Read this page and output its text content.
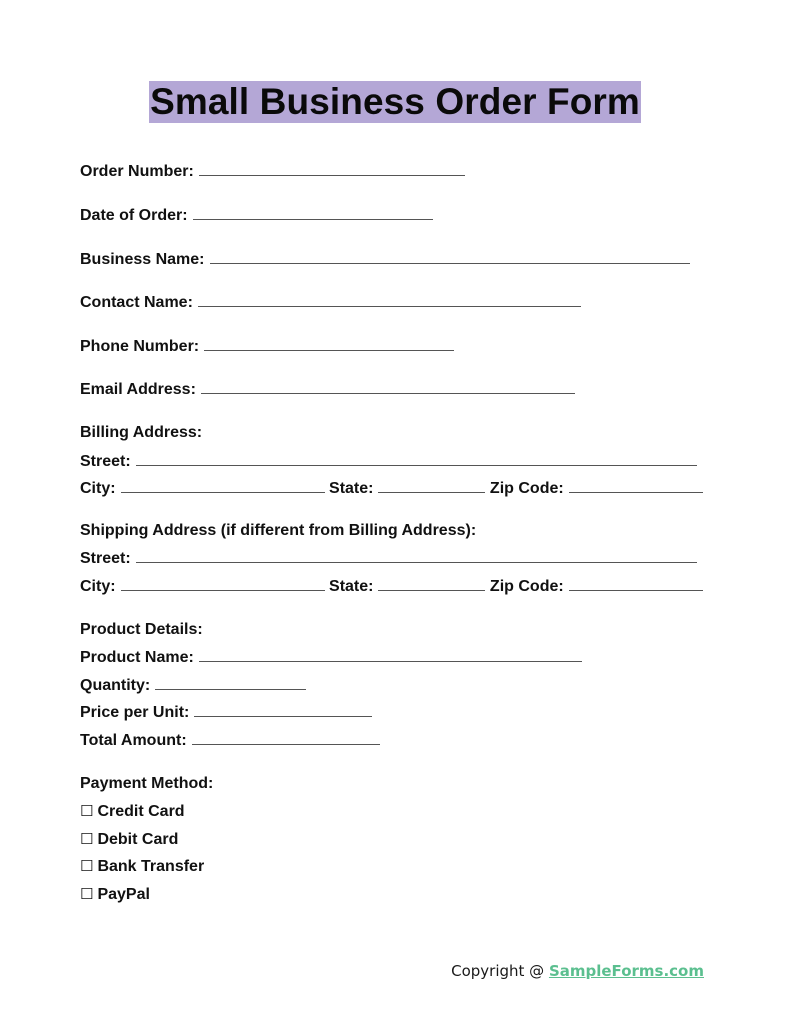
Small Business Order Form
Order Number:
Date of Order:
Business Name:
Contact Name:
Phone Number:
Email Address:
Billing Address:
Street:
City:	State:	Zip Code:
Shipping Address (if different from Billing Address):
Street:
City:	State:	Zip Code:
Product Details:
Product Name:
Quantity:
Price per Unit:
Total Amount:
Payment Method:
☐ Credit Card
☐ Debit Card
☐ Bank Transfer
☐ PayPal
Copyright @ SampleForms.com
